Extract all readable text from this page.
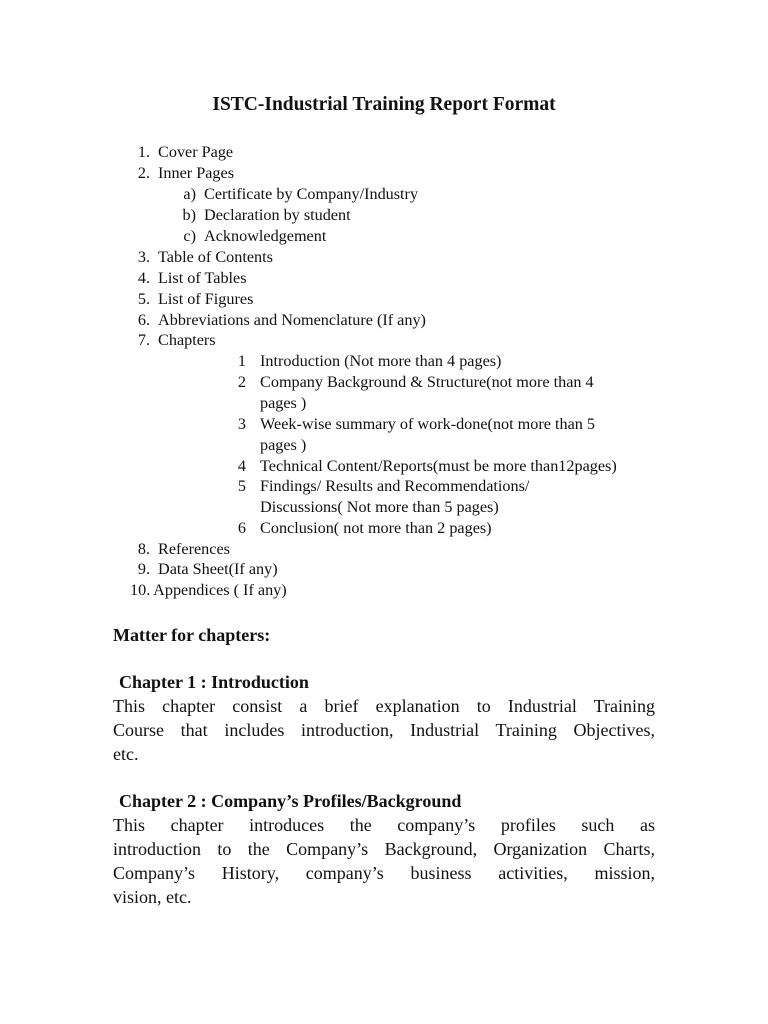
ISTC-Industrial Training Report Format
1. Cover Page
2. Inner Pages
a) Certificate by Company/Industry
b) Declaration by student
c) Acknowledgement
3. Table of Contents
4. List of Tables
5. List of Figures
6. Abbreviations and Nomenclature (If any)
7. Chapters
1 Introduction (Not more than 4 pages)
2 Company Background & Structure(not more than 4
pages )
3 Week-wise summary of work-done(not more than 5
pages )
4 Technical Content/Reports(must be more than12pages)
5 Findings/ Results and Recommendations/
Discussions( Not more than 5 pages)
6 Conclusion( not more than 2 pages)
8. References
9. Data Sheet(If any)
10. Appendices ( If any)
Matter for chapters:
Chapter 1 : Introduction
This chapter consist a brief explanation to Industrial Training
Course that includes introduction, Industrial Training Objectives,
etc.
Chapter 2 : Company’s Profiles/Background
This chapter introduces the company’s profiles such as
introduction to the Company’s Background, Organization Charts,
Company’s History, company’s business activities, mission,
vision, etc.
